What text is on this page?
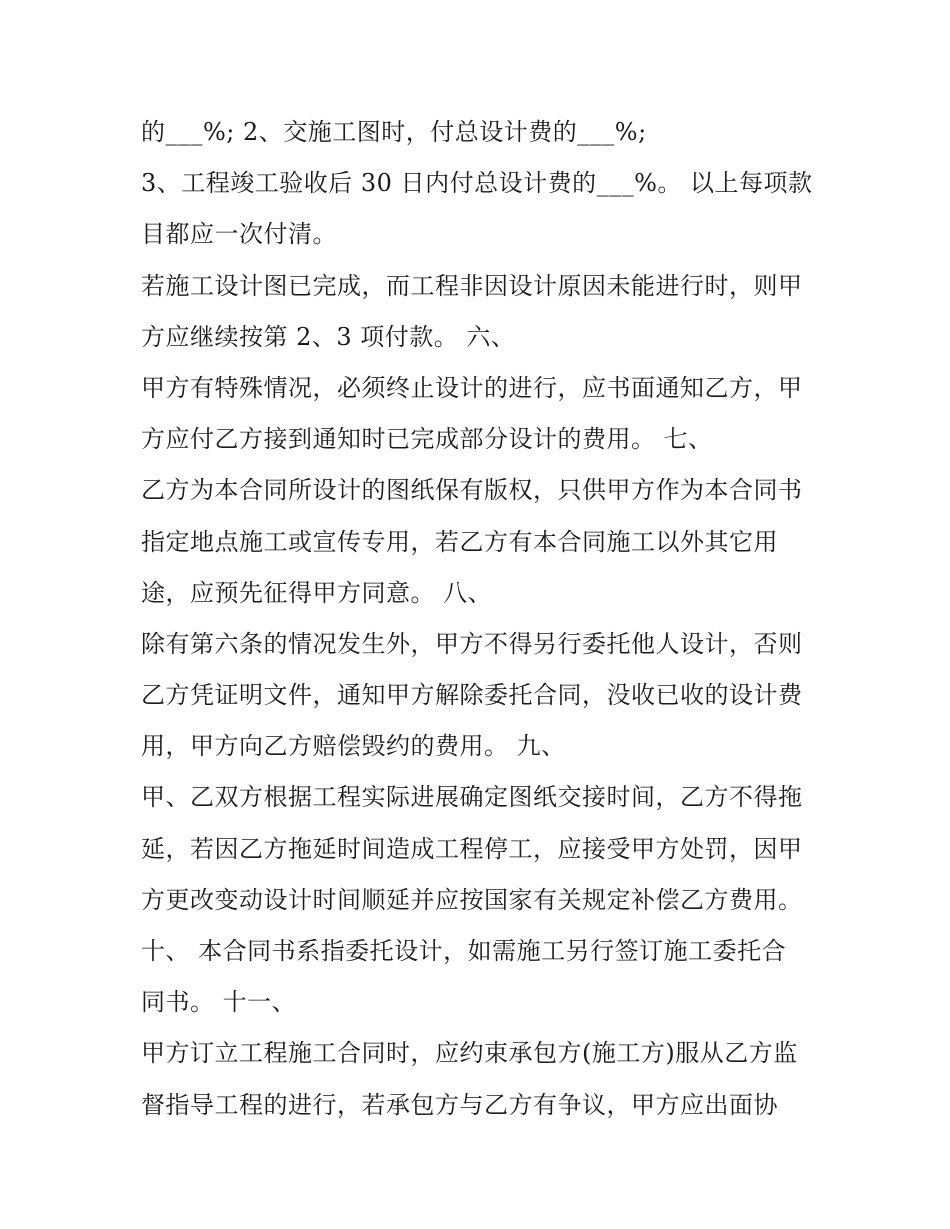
的___%; 2、交施工图时，付总设计费的___%;
3、工程竣工验收后 30 日内付总设计费的___%。 以上每项款
目都应一次付清。
若施工设计图已完成，而工程非因设计原因未能进行时，则甲
方应继续按第 2、3 项付款。 六、
甲方有特殊情况，必须终止设计的进行，应书面通知乙方，甲
方应付乙方接到通知时已完成部分设计的费用。 七、
乙方为本合同所设计的图纸保有版权，只供甲方作为本合同书
指定地点施工或宣传专用，若乙方有本合同施工以外其它用
途，应预先征得甲方同意。 八、
除有第六条的情况发生外，甲方不得另行委托他人设计，否则
乙方凭证明文件，通知甲方解除委托合同，没收已收的设计费
用，甲方向乙方赔偿毁约的费用。 九、
甲、乙双方根据工程实际进展确定图纸交接时间，乙方不得拖
延，若因乙方拖延时间造成工程停工，应接受甲方处罚，因甲
方更改变动设计时间顺延并应按国家有关规定补偿乙方费用。
十、 本合同书系指委托设计，如需施工另行签订施工委托合
同书。 十一、
甲方订立工程施工合同时，应约束承包方(施工方)服从乙方监
督指导工程的进行，若承包方与乙方有争议，甲方应出面协
